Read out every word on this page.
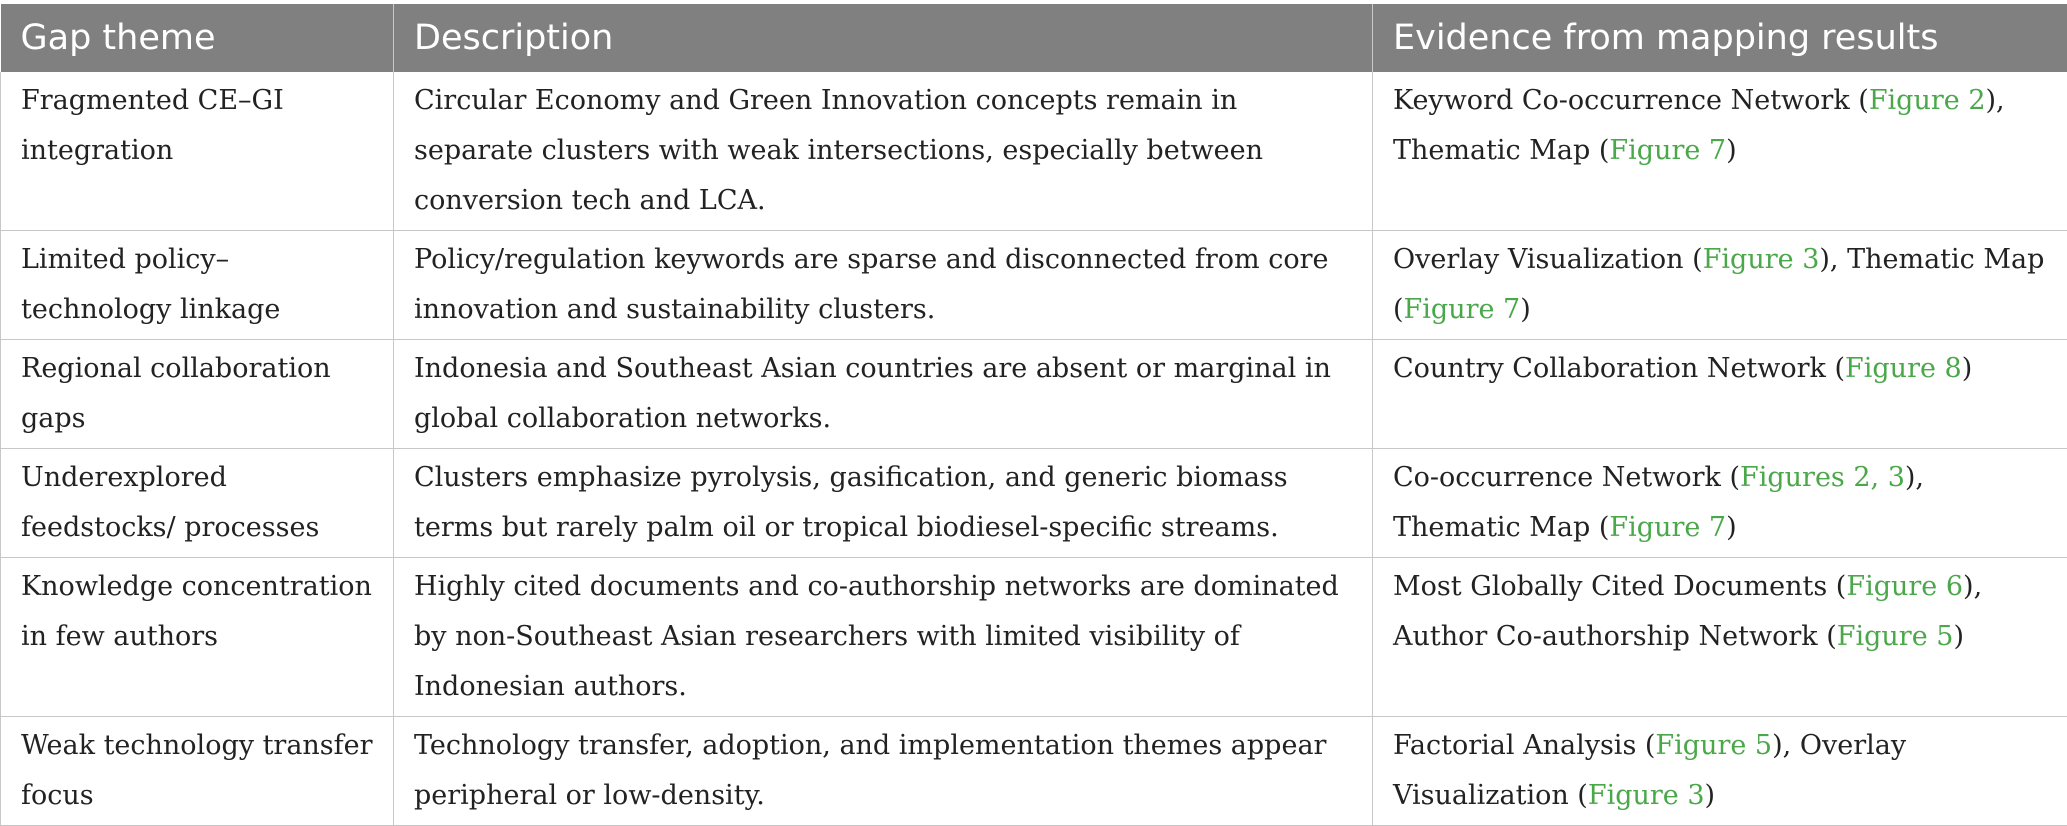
Gap theme	Description	Evidence from mapping results
Fragmented CE–GI integration	Circular Economy and Green Innovation concepts remain in separate clusters with weak intersections, especially between conversion tech and LCA.	Keyword Co-occurrence Network (Figure 2), Thematic Map (Figure 7)
Limited policy–technology linkage	Policy/regulation keywords are sparse and disconnected from core innovation and sustainability clusters.	Overlay Visualization (Figure 3), Thematic Map (Figure 7)
Regional collaboration gaps	Indonesia and Southeast Asian countries are absent or marginal in global collaboration networks.	Country Collaboration Network (Figure 8)
Underexplored feedstocks/ processes	Clusters emphasize pyrolysis, gasification, and generic biomass terms but rarely palm oil or tropical biodiesel-specific streams.	Co-occurrence Network (Figures 2, 3), Thematic Map (Figure 7)
Knowledge concentration in few authors	Highly cited documents and co-authorship networks are dominated by non-Southeast Asian researchers with limited visibility of Indonesian authors.	Most Globally Cited Documents (Figure 6), Author Co-authorship Network (Figure 5)
Weak technology transfer focus	Technology transfer, adoption, and implementation themes appear peripheral or low-density.	Factorial Analysis (Figure 5), Overlay Visualization (Figure 3)
